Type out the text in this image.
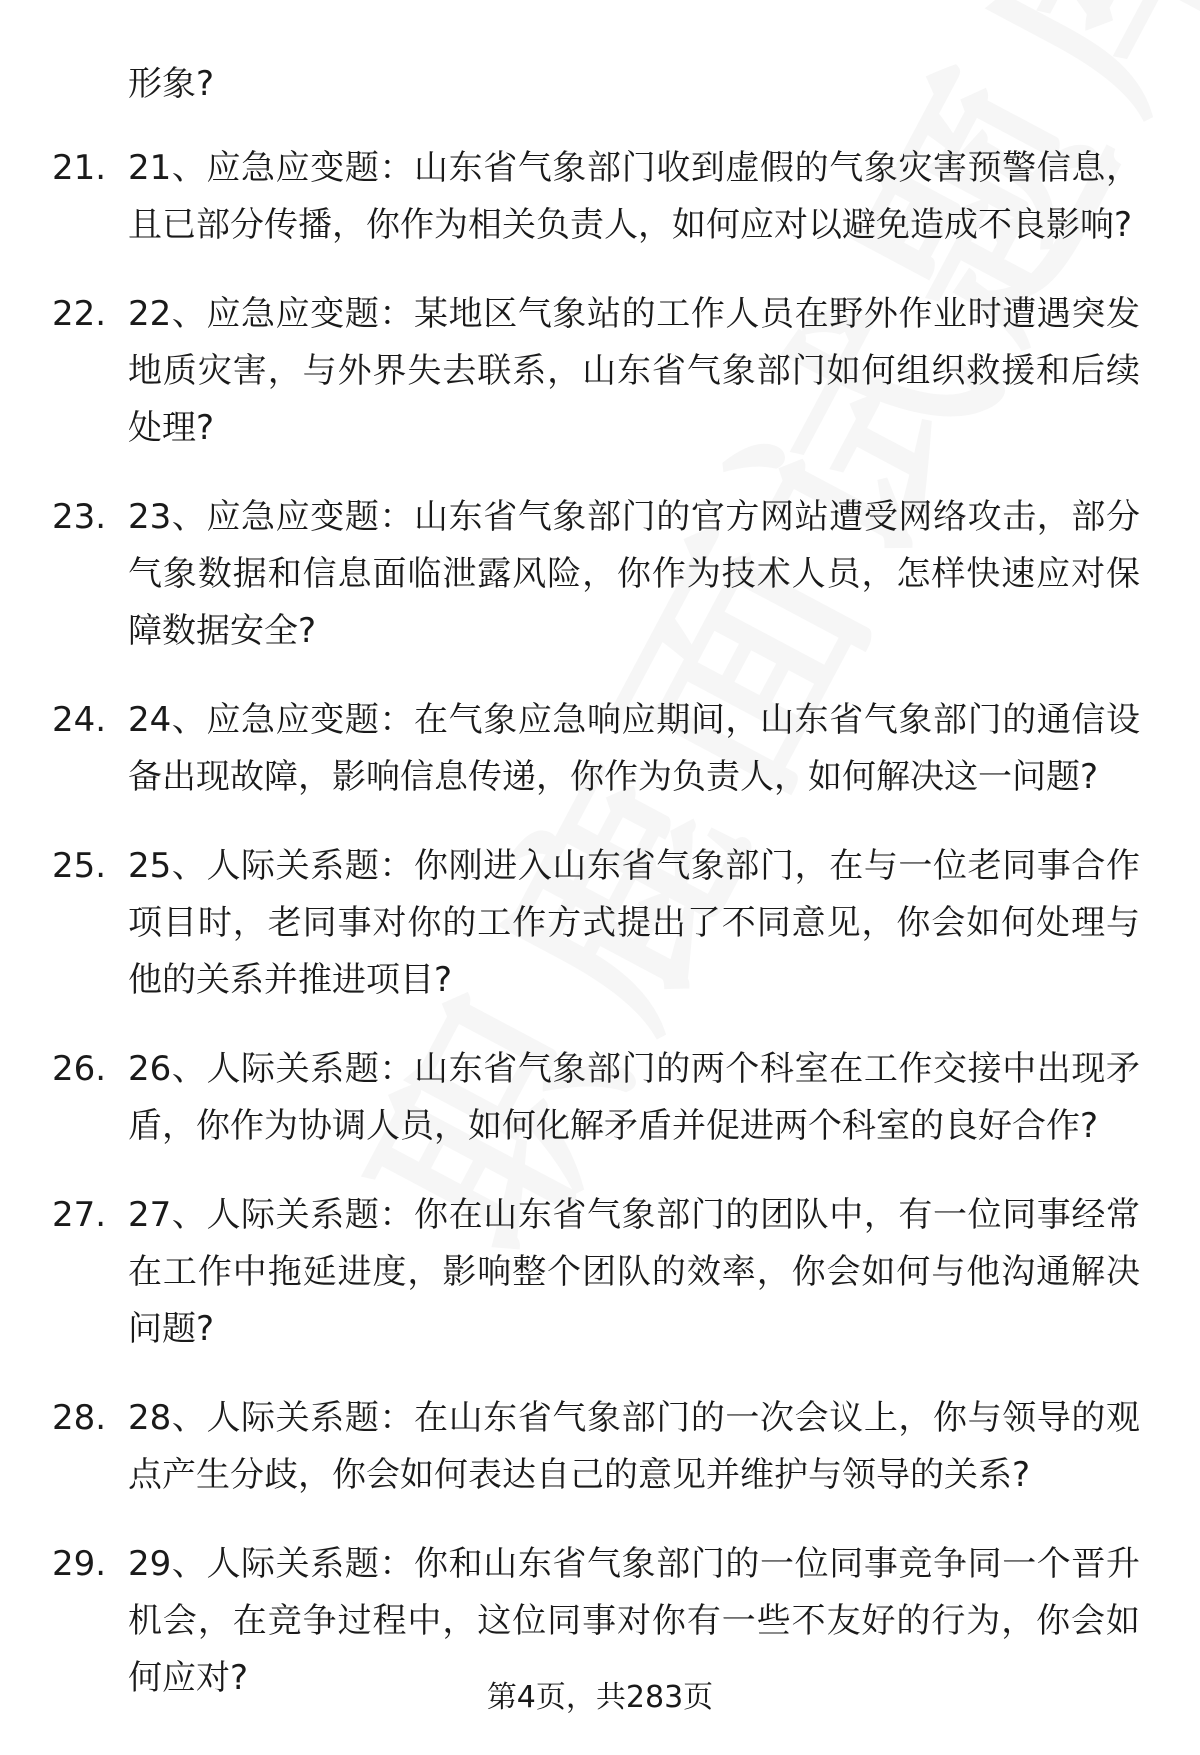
形象?
21. 21、应急应变题：山东省气象部门收到虚假的气象灾害预警信息，且已部分传播，你作为相关负责人，如何应对以避免造成不良影响?
22. 22、应急应变题：某地区气象站的工作人员在野外作业时遭遇突发地质灾害，与外界失去联系，山东省气象部门如何组织救援和后续处理?
23. 23、应急应变题：山东省气象部门的官方网站遭受网络攻击，部分气象数据和信息面临泄露风险，你作为技术人员，怎样快速应对保障数据安全?
24. 24、应急应变题：在气象应急响应期间，山东省气象部门的通信设备出现故障，影响信息传递，你作为负责人，如何解决这一问题?
25. 25、人际关系题：你刚进入山东省气象部门，在与一位老同事合作项目时，老同事对你的工作方式提出了不同意见，你会如何处理与他的关系并推进项目?
26. 26、人际关系题：山东省气象部门的两个科室在工作交接中出现矛盾，你作为协调人员，如何化解矛盾并促进两个科室的良好合作?
27. 27、人际关系题：你在山东省气象部门的团队中，有一位同事经常在工作中拖延进度，影响整个团队的效率，你会如何与他沟通解决问题?
28. 28、人际关系题：在山东省气象部门的一次会议上，你与领导的观点产生分歧，你会如何表达自己的意见并维护与领导的关系?
29. 29、人际关系题：你和山东省气象部门的一位同事竞争同一个晋升机会，在竞争过程中，这位同事对你有一些不友好的行为，你会如何应对?	第4页，共283页
